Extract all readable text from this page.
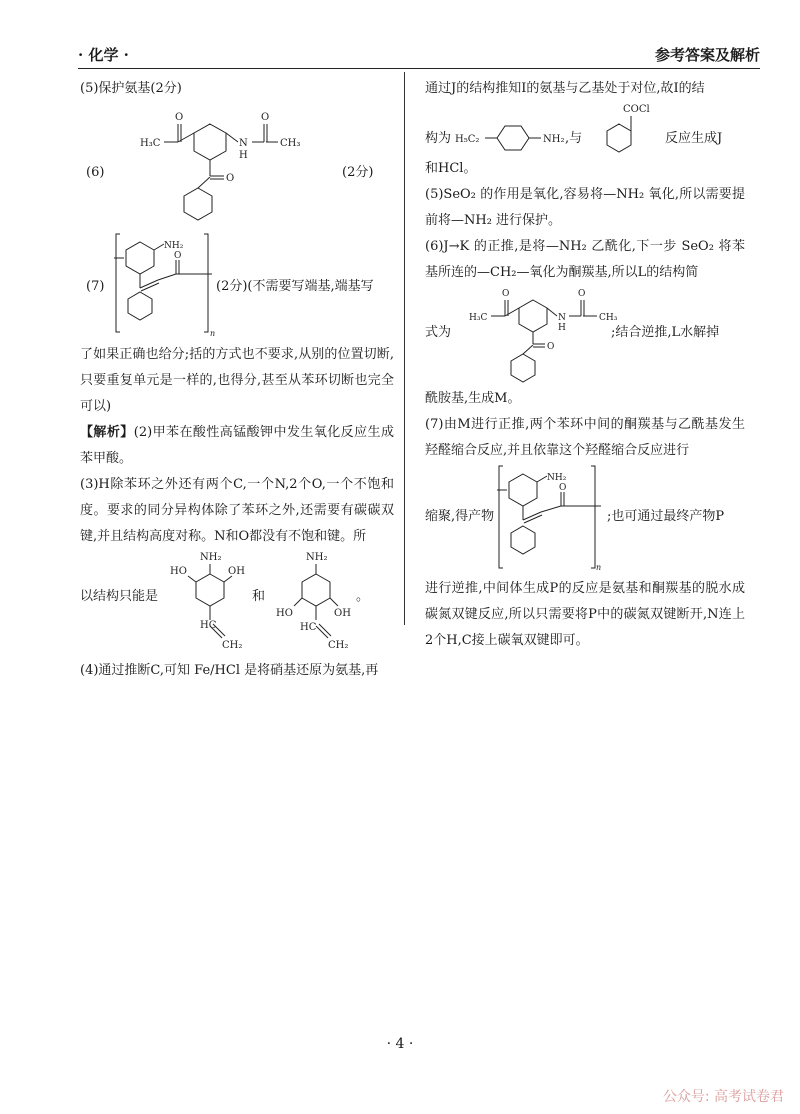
· 化学 ·	参考答案及解析

(5)保护氨基(2分)

(6)
H₃C
O
N
H
O
CH₃
O	(2分)
(7)
NH₂
O
n
(2分)(不需要写端基,端基写

了如果正确也给分;括的方式也不要求,从别的位置切断,只要重复单元是一样的,也得分,甚至从苯环切断也完全可以)

【解析】(2)甲苯在酸性高锰酸钾中发生氧化反应生成苯甲酸。

(3)H除苯环之外还有两个C,一个N,2个O,一个不饱和度。要求的同分异构体除了苯环之外,还需要有碳碳双键,并且结构高度对称。N和O都没有不饱和键。所

以结构只能是
NH₂
HO	OH
HC
CH₂
和
NH₂
HO	OH
HC
CH₂
。

(4)通过推断C,可知 Fe/HCl 是将硝基还原为氨基,再

通过J的结构推知I的氨基与乙基处于对位,故I的结

构为 H₅C₂	NH₂ ,与
COCl
反应生成J

和HCl。

(5)SeO₂ 的作用是氧化,容易将—NH₂ 氧化,所以需要提前将—NH₂ 进行保护。

(6)J→K 的正推,是将—NH₂ 乙酰化,下一步 SeO₂ 将苯基所连的—CH₂—氧化为酮羰基,所以L的结构简

式为
H₃C
O
N
H
O
CH₃
O
;结合逆推,L水解掉

酰胺基,生成M。

(7)由M进行正推,两个苯环中间的酮羰基与乙酰基发生羟醛缩合反应,并且依靠这个羟醛缩合反应进行

缩聚,得产物
NH₂
O
n
;也可通过最终产物P

进行逆推,中间体生成P的反应是氨基和酮羰基的脱水成碳氮双键反应,所以只需要将P中的碳氮双键断开,N连上2个H,C接上碳氧双键即可。

· 4 ·
公众号: 高考试卷君
